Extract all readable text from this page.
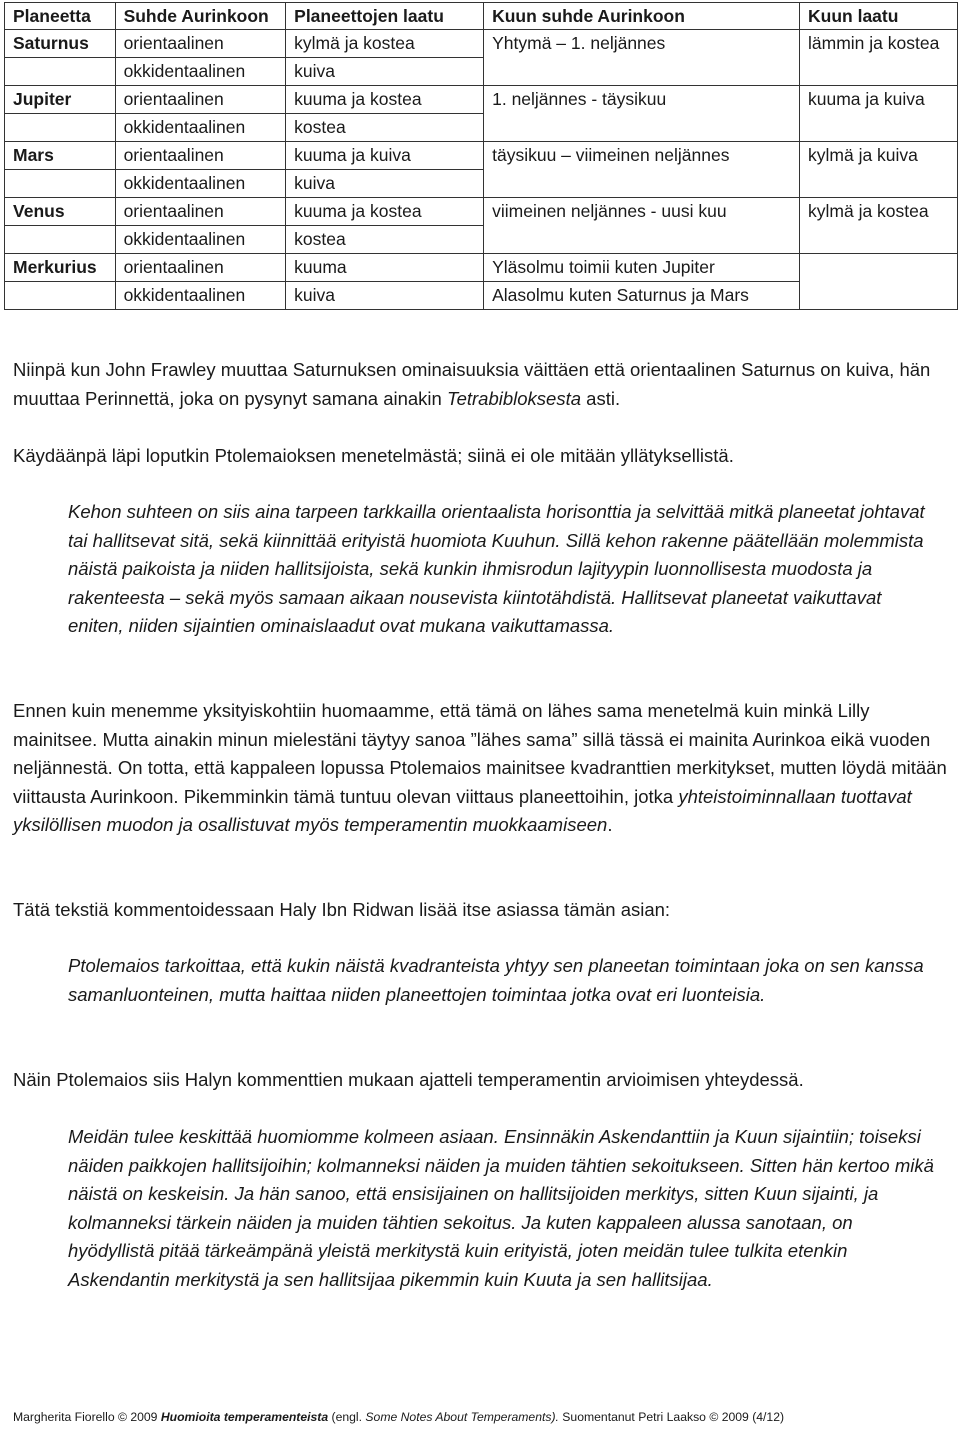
Planeetta	Suhde Aurinkoon	Planeettojen laatu	Kuun suhde Aurinkoon	Kuun laatu
Saturnus	orientaalinen	kylmä ja kostea	Yhtymä – 1. neljännes	lämmin ja kostea
	okkidentaalinen	kuiva		
Jupiter	orientaalinen	kuuma ja kostea	1. neljännes - täysikuu	kuuma ja kuiva
	okkidentaalinen	kostea		
Mars	orientaalinen	kuuma ja kuiva	täysikuu – viimeinen neljännes	kylmä ja kuiva
	okkidentaalinen	kuiva		
Venus	orientaalinen	kuuma ja kostea	viimeinen neljännes - uusi kuu	kylmä ja kostea
	okkidentaalinen	kostea		
Merkurius	orientaalinen	kuuma	Yläsolmu toimii kuten Jupiter	
	okkidentaalinen	kuiva	Alasolmu kuten Saturnus ja Mars	

Niinpä kun John Frawley muuttaa Saturnuksen ominaisuuksia väittäen että orientaalinen Saturnus on kuiva, hän muuttaa Perinnettä, joka on pysynyt samana ainakin Tetrabibloksesta asti.

Käydäänpä läpi loputkin Ptolemaioksen menetelmästä; siinä ei ole mitään yllätyksellistä.

Kehon suhteen on siis aina tarpeen tarkkailla orientaalista horisonttia ja selvittää mitkä planeetat johtavat tai hallitsevat sitä, sekä kiinnittää erityistä huomiota Kuuhun. Sillä kehon rakenne päätellään molemmista näistä paikoista ja niiden hallitsijoista, sekä kunkin ihmisrodun lajityypin luonnollisesta muodosta ja rakenteesta – sekä myös samaan aikaan nousevista kiintotähdistä. Hallitsevat planeetat vaikuttavat eniten, niiden sijaintien ominaislaadut ovat mukana vaikuttamassa.

Ennen kuin menemme yksityiskohtiin huomaamme, että tämä on lähes sama menetelmä kuin minkä Lilly mainitsee. Mutta ainakin minun mielestäni täytyy sanoa ”lähes sama” sillä tässä ei mainita Aurinkoa eikä vuoden neljännestä. On totta, että kappaleen lopussa Ptolemaios mainitsee kvadranttien merkitykset, mutten löydä mitään viittausta Aurinkoon. Pikemminkin tämä tuntuu olevan viittaus planeettoihin, jotka yhteistoiminnallaan tuottavat yksilöllisen muodon ja osallistuvat myös temperamentin muokkaamiseen.

Tätä tekstiä kommentoidessaan Haly Ibn Ridwan lisää itse asiassa tämän asian:

Ptolemaios tarkoittaa, että kukin näistä kvadranteista yhtyy sen planeetan toimintaan joka on sen kanssa samanluonteinen, mutta haittaa niiden planeettojen toimintaa jotka ovat eri luonteisia.

Näin Ptolemaios siis Halyn kommenttien mukaan ajatteli temperamentin arvioimisen yhteydessä.

Meidän tulee keskittää huomiomme kolmeen asiaan. Ensinnäkin Askendanttiin ja Kuun sijaintiin; toiseksi näiden paikkojen hallitsijoihin; kolmanneksi näiden ja muiden tähtien sekoitukseen. Sitten hän kertoo mikä näistä on keskeisin. Ja hän sanoo, että ensisijainen on hallitsijoiden merkitys, sitten Kuun sijainti, ja kolmanneksi tärkein näiden ja muiden tähtien sekoitus. Ja kuten kappaleen alussa sanotaan, on hyödyllistä pitää tärkeämpänä yleistä merkitystä kuin erityistä, joten meidän tulee tulkita etenkin Askendantin merkitystä ja sen hallitsijaa pikemmin kuin Kuuta ja sen hallitsijaa.

Margherita Fiorello © 2009 Huomioita temperamenteista (engl. Some Notes About Temperaments). Suomentanut Petri Laakso © 2009 (4/12)
